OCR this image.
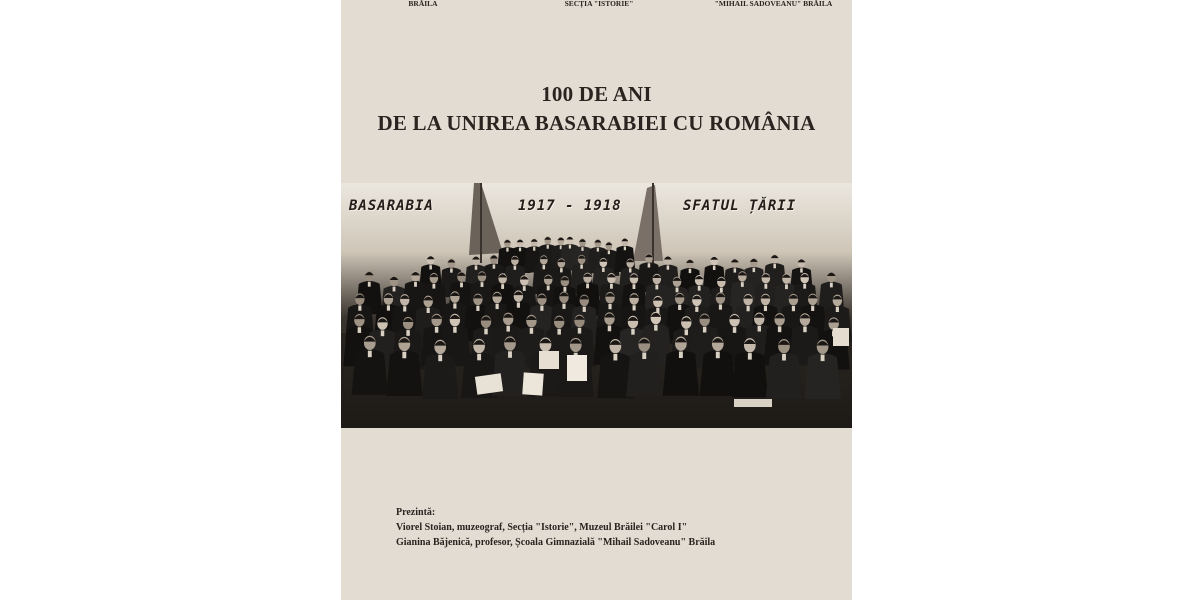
BRĂILA	SECȚIA "ISTORIE"	"MIHAIL SADOVEANU" BRĂILA
100 DE ANI
DE LA UNIREA BASARABIEI CU ROMÂNIA
BASARABIA	1917 - 1918	SFATUL ȚĂRII
Prezintă:
Viorel Stoian, muzeograf, Secția "Istorie", Muzeul Brăilei "Carol I"
Gianina Băjenică, profesor, Școala Gimnazială "Mihail Sadoveanu" Brăila
